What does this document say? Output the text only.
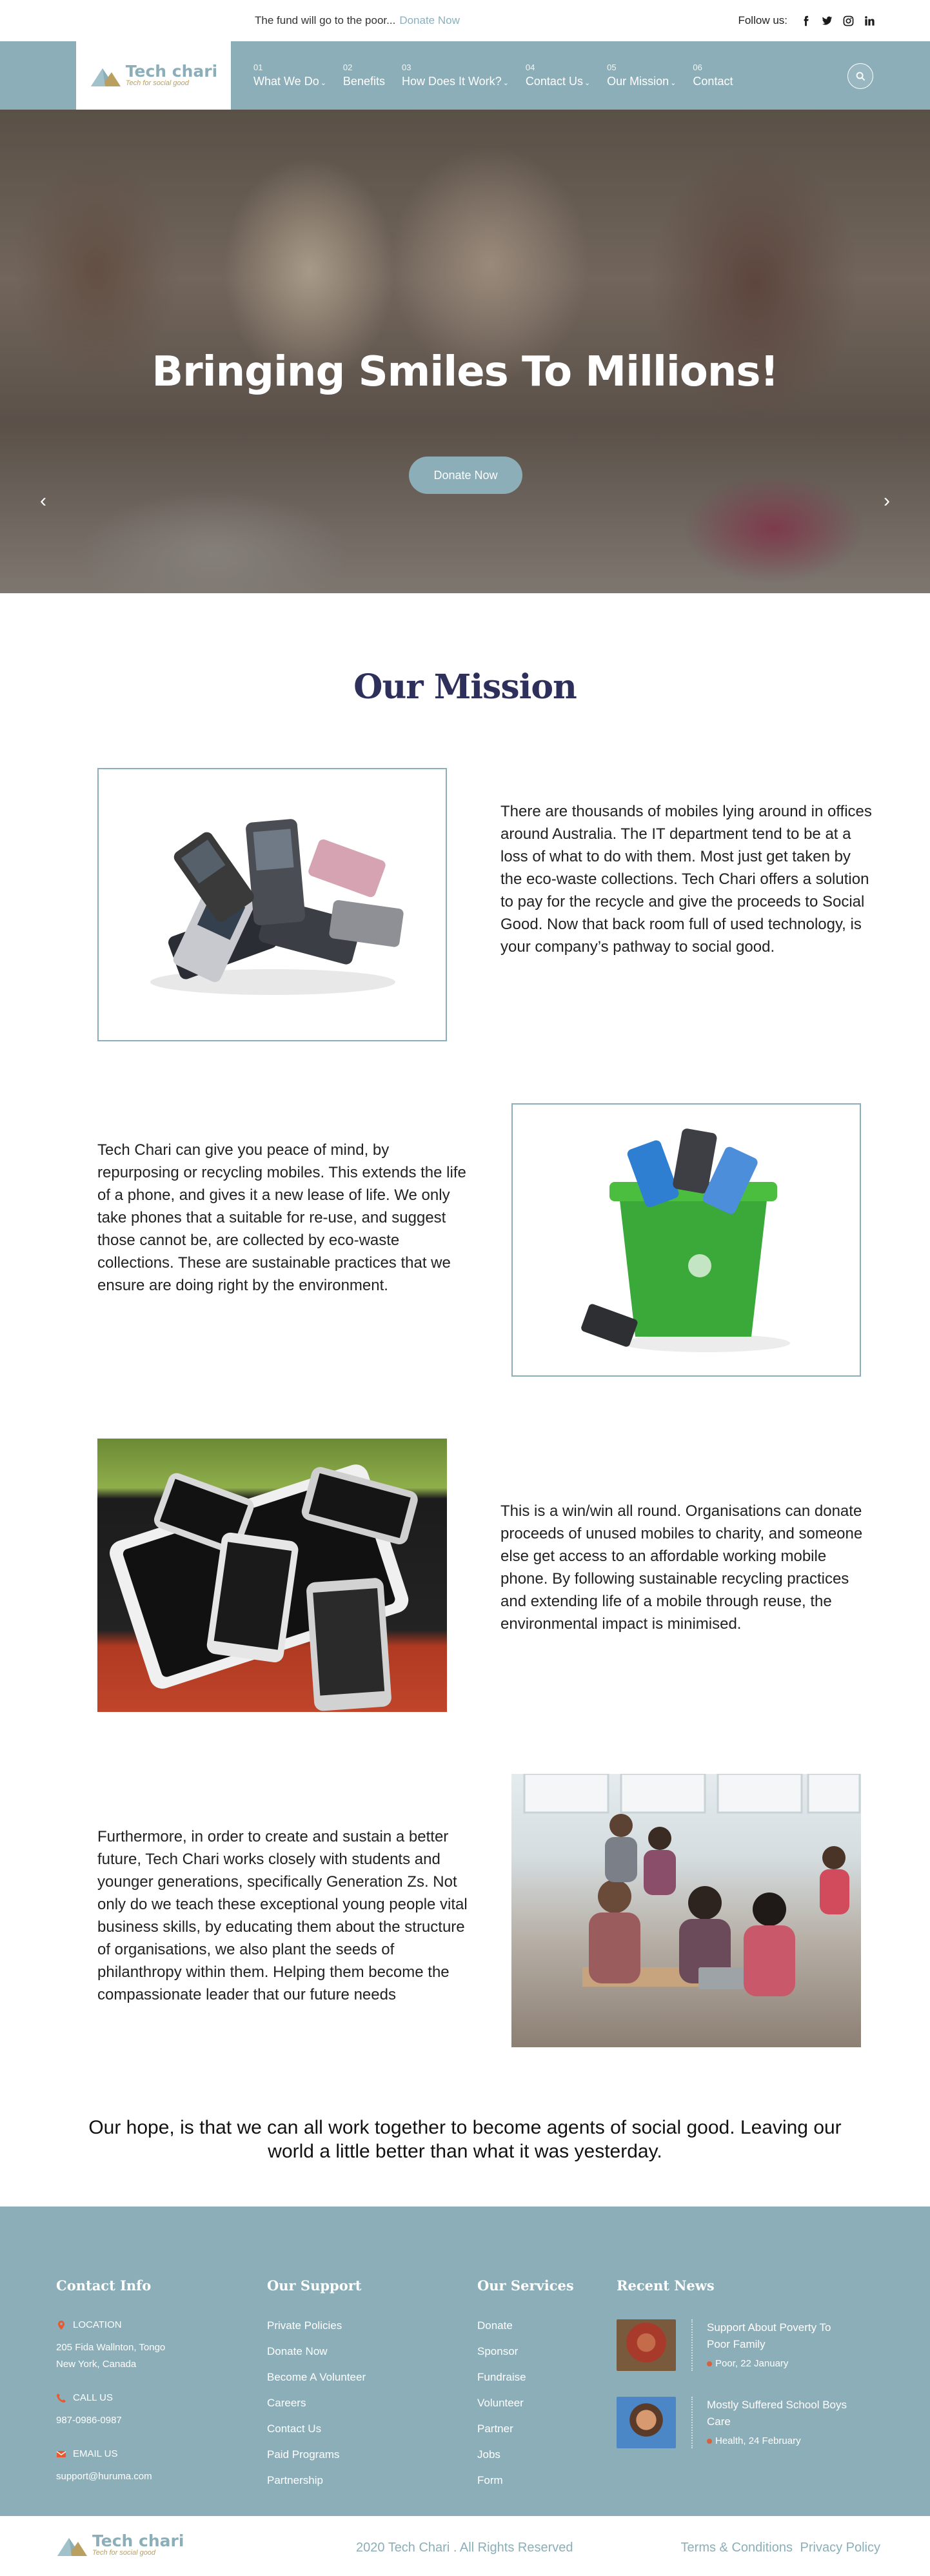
The fund will go to the poor... Donate Now	Follow us:
Tech chari
Tech for social good
01
What We Do ⌄
02
Benefits
03
How Does It Work? ⌄
04
Contact Us ⌄
05
Our Mission ⌄
06
Contact
‹
Bringing Smiles To Millions!
Donate Now
›
Our Mission

There are thousands of mobiles lying around in offices around Australia. The IT department tend to be at a loss of what to do with them. Most just get taken by the eco-waste collections. Tech Chari offers a solution to pay for the recycle and give the proceeds to Social Good. Now that back room full of used technology, is your company’s pathway to social good.

Tech Chari can give you peace of mind, by repurposing or recycling mobiles. This extends the life of a phone, and gives it a new lease of life. We only take phones that a suitable for re-use, and suggest those cannot be, are collected by eco-waste collections. These are sustainable practices that we ensure are doing right by the environment.

This is a win/win all round. Organisations can donate proceeds of unused mobiles to charity, and someone else get access to an affordable working mobile phone. By following sustainable recycling practices and extending life of a mobile through reuse, the environmental impact is minimised.

Furthermore, in order to create and sustain a better future, Tech Chari works closely with students and younger generations, specifically Generation Zs. Not only do we teach these exceptional young people vital business skills, by educating them about the structure of organisations, we also plant the seeds of philanthropy within them. Helping them become the compassionate leader that our future needs

Our hope, is that we can all work together to become agents of social good. Leaving our world a little better than what it was yesterday.

Contact Info
LOCATION
205 Fida Wallnton, Tongo
New York, Canada
CALL US
987-0986-0987
EMAIL US
support@huruma.com
Our Support
Private Policies
Donate Now
Become A Volunteer
Careers
Contact Us
Paid Programs
Partnership
Our Services
Donate
Sponsor
Fundraise
Volunteer
Partner
Jobs
Form
Recent News
Support About Poverty To Poor Family
Poor, 22 January
Mostly Suffered School Boys Care
Health, 24 February
Tech chari
Tech for social good	2020 Tech Chari . All Rights Reserved	Terms & Conditions Privacy Policy
